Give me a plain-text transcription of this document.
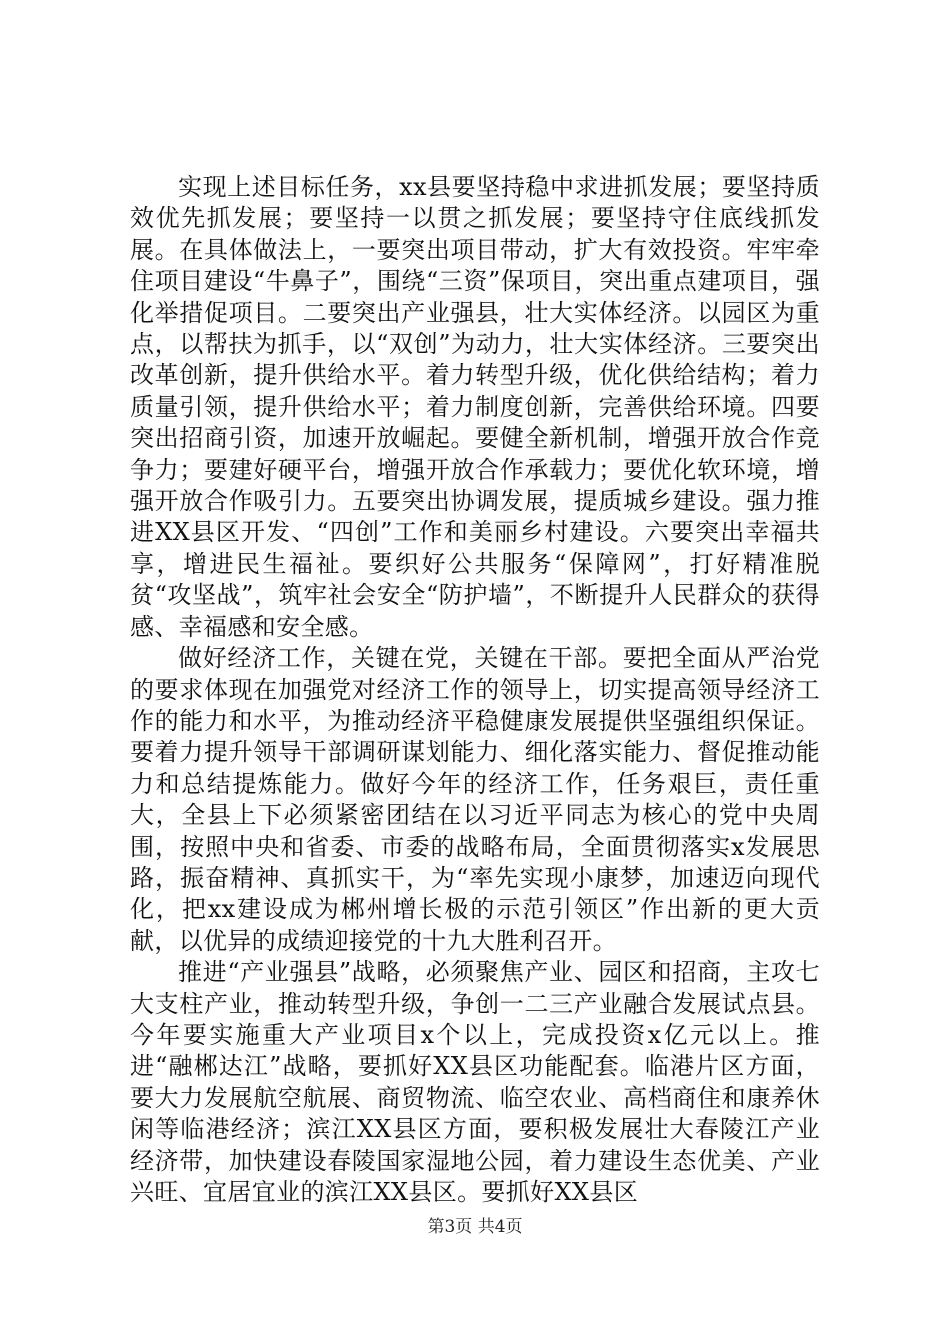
实现上述目标任务，xx县要坚持稳中求进抓发展；要坚持质效优先抓发展；要坚持一以贯之抓发展；要坚持守住底线抓发展。在具体做法上，一要突出项目带动，扩大有效投资。牢牢牵住项目建设“牛鼻子”，围绕“三资”保项目，突出重点建项目，强化举措促项目。二要突出产业强县，壮大实体经济。以园区为重点，以帮扶为抓手，以“双创”为动力，壮大实体经济。三要突出改革创新，提升供给水平。着力转型升级，优化供给结构；着力质量引领，提升供给水平；着力制度创新，完善供给环境。四要突出招商引资，加速开放崛起。要健全新机制，增强开放合作竞争力；要建好硬平台，增强开放合作承载力；要优化软环境，增强开放合作吸引力。五要突出协调发展，提质城乡建设。强力推进XX县区开发、“四创”工作和美丽乡村建设。六要突出幸福共享，增进民生福祉。要织好公共服务“保障网”，打好精准脱贫“攻坚战”，筑牢社会安全“防护墙”，不断提升人民群众的获得感、幸福感和安全感。

做好经济工作，关键在党，关键在干部。要把全面从严治党的要求体现在加强党对经济工作的领导上，切实提高领导经济工作的能力和水平，为推动经济平稳健康发展提供坚强组织保证。要着力提升领导干部调研谋划能力、细化落实能力、督促推动能力和总结提炼能力。做好今年的经济工作，任务艰巨，责任重大，全县上下必须紧密团结在以习近平同志为核心的党中央周围，按照中央和省委、市委的战略布局，全面贯彻落实x发展思路，振奋精神、真抓实干，为“率先实现小康梦，加速迈向现代化，把xx建设成为郴州增长极的示范引领区”作出新的更大贡献，以优异的成绩迎接党的十九大胜利召开。

推进“产业强县”战略，必须聚焦产业、园区和招商，主攻七大支柱产业，推动转型升级，争创一二三产业融合发展试点县。今年要实施重大产业项目x个以上，完成投资x亿元以上。推进“融郴达江”战略，要抓好XX县区功能配套。临港片区方面，要大力发展航空航展、商贸物流、临空农业、高档商住和康养休闲等临港经济；滨江XX县区方面，要积极发展壮大春陵江产业经济带，加快建设春陵国家湿地公园，着力建设生态优美、产业兴旺、宜居宜业的滨江XX县区。要抓好XX县区

第3页 共4页
